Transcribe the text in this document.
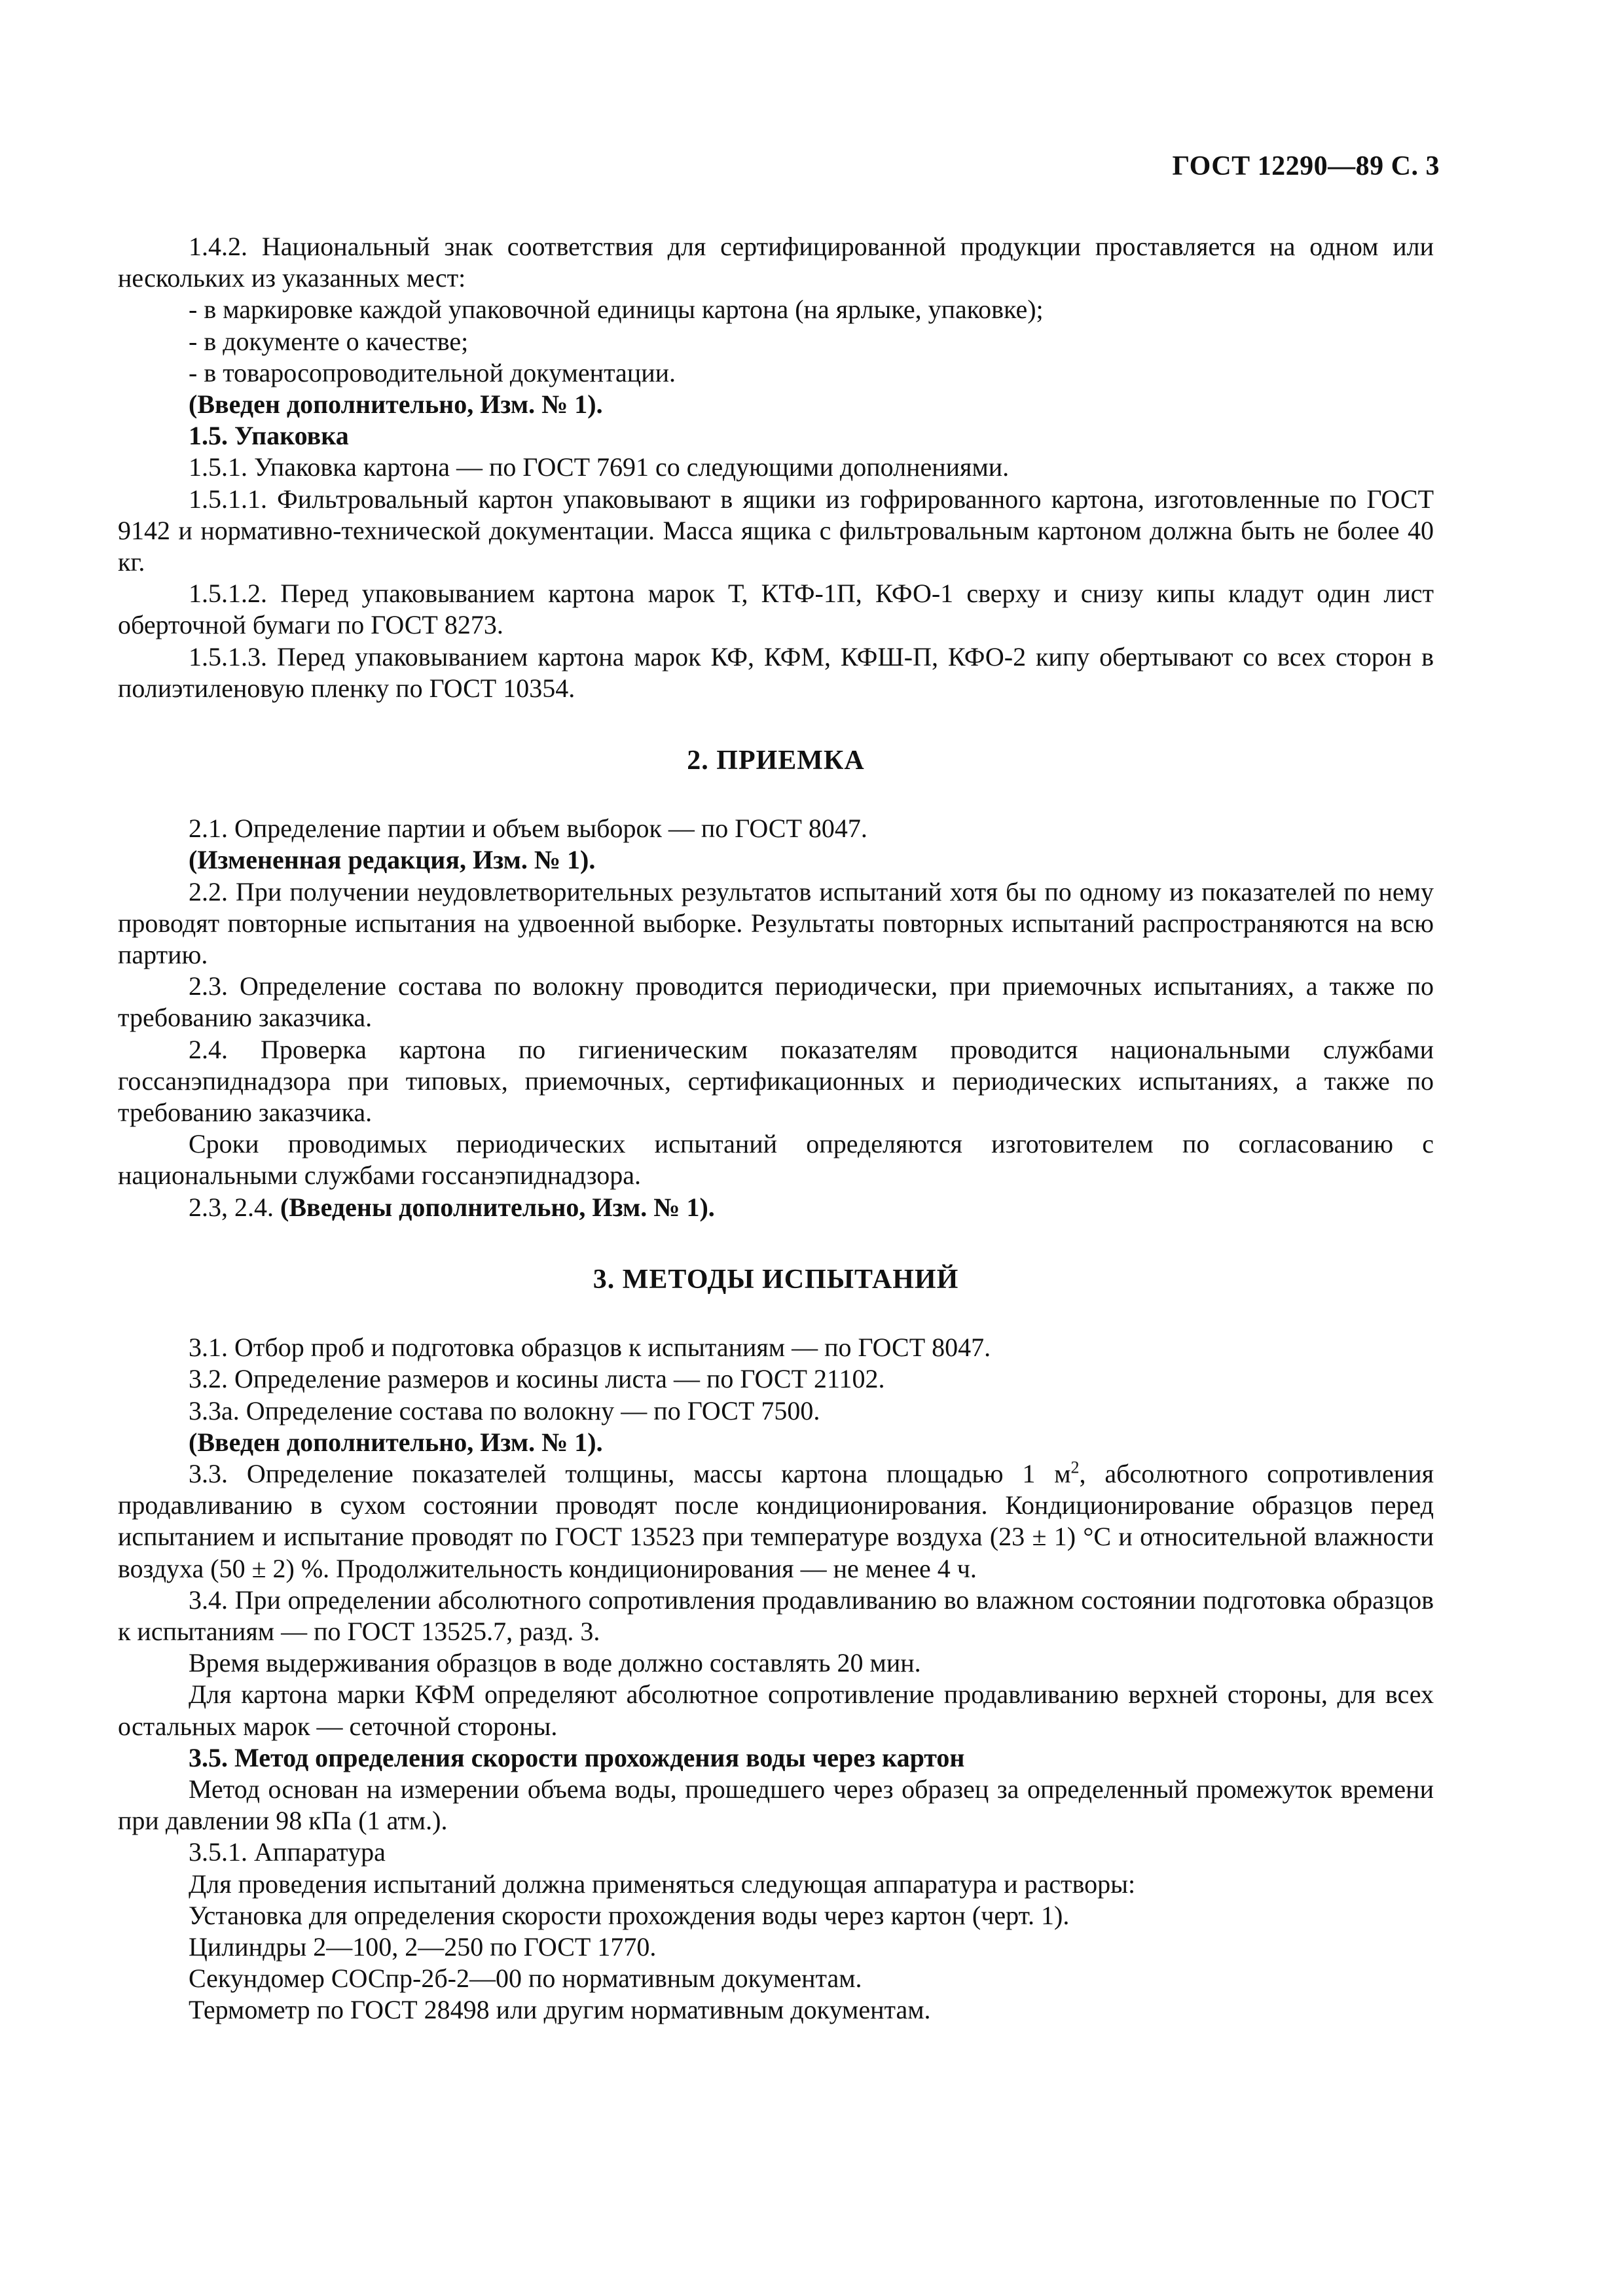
ГОСТ 12290—89 С. 3

1.4.2. Национальный знак соответствия для сертифицированной продукции проставляется на одном или нескольких из указанных мест:

- в маркировке каждой упаковочной единицы картона (на ярлыке, упаковке);

- в документе о качестве;

- в товаросопроводительной документации.

(Введен дополнительно, Изм. № 1).

1.5. Упаковка

1.5.1. Упаковка картона — по ГОСТ 7691 со следующими дополнениями.

1.5.1.1. Фильтровальный картон упаковывают в ящики из гофрированного картона, изготовленные по ГОСТ 9142 и нормативно-технической документации. Масса ящика с фильтровальным картоном должна быть не более 40 кг.

1.5.1.2. Перед упаковыванием картона марок Т, КТФ-1П, КФО-1 сверху и снизу кипы кладут один лист оберточной бумаги по ГОСТ 8273.

1.5.1.3. Перед упаковыванием картона марок КФ, КФМ, КФШ-П, КФО-2 кипу обертывают со всех сторон в полиэтиленовую пленку по ГОСТ 10354.

2. ПРИЕМКА

2.1. Определение партии и объем выборок — по ГОСТ 8047.

(Измененная редакция, Изм. № 1).

2.2. При получении неудовлетворительных результатов испытаний хотя бы по одному из показателей по нему проводят повторные испытания на удвоенной выборке. Результаты повторных испытаний распространяются на всю партию.

2.3. Определение состава по волокну проводится периодически, при приемочных испытаниях, а также по требованию заказчика.

2.4. Проверка картона по гигиеническим показателям проводится национальными службами госсанэпиднадзора при типовых, приемочных, сертификационных и периодических испытаниях, а также по требованию заказчика.

Сроки проводимых периодических испытаний определяются изготовителем по согласованию с национальными службами госсанэпиднадзора.

2.3, 2.4. (Введены дополнительно, Изм. № 1).

3. МЕТОДЫ ИСПЫТАНИЙ

3.1. Отбор проб и подготовка образцов к испытаниям — по ГОСТ 8047.

3.2. Определение размеров и косины листа — по ГОСТ 21102.

3.3а. Определение состава по волокну — по ГОСТ 7500.

(Введен дополнительно, Изм. № 1).

3.3. Определение показателей толщины, массы картона площадью 1 $м^2$, абсолютного сопротивления продавливанию в сухом состоянии проводят после кондиционирования. Кондиционирование образцов перед испытанием и испытание проводят по ГОСТ 13523 при температуре воздуха (23 ± 1) °С и относительной влажности воздуха (50 ± 2) %. Продолжительность кондиционирования — не менее 4 ч.

3.4. При определении абсолютного сопротивления продавливанию во влажном состоянии подготовка образцов к испытаниям — по ГОСТ 13525.7, разд. 3.

Время выдерживания образцов в воде должно составлять 20 мин.

Для картона марки КФМ определяют абсолютное сопротивление продавливанию верхней стороны, для всех остальных марок — сеточной стороны.

3.5. Метод определения скорости прохождения воды через картон

Метод основан на измерении объема воды, прошедшего через образец за определенный промежуток времени при давлении 98 кПа (1 атм.).

3.5.1. Аппаратура

Для проведения испытаний должна применяться следующая аппаратура и растворы:

Установка для определения скорости прохождения воды через картон (черт. 1).

Цилиндры 2—100, 2—250 по ГОСТ 1770.

Секундомер СОСпр-2б-2—00 по нормативным документам.

Термометр по ГОСТ 28498 или другим нормативным документам.
